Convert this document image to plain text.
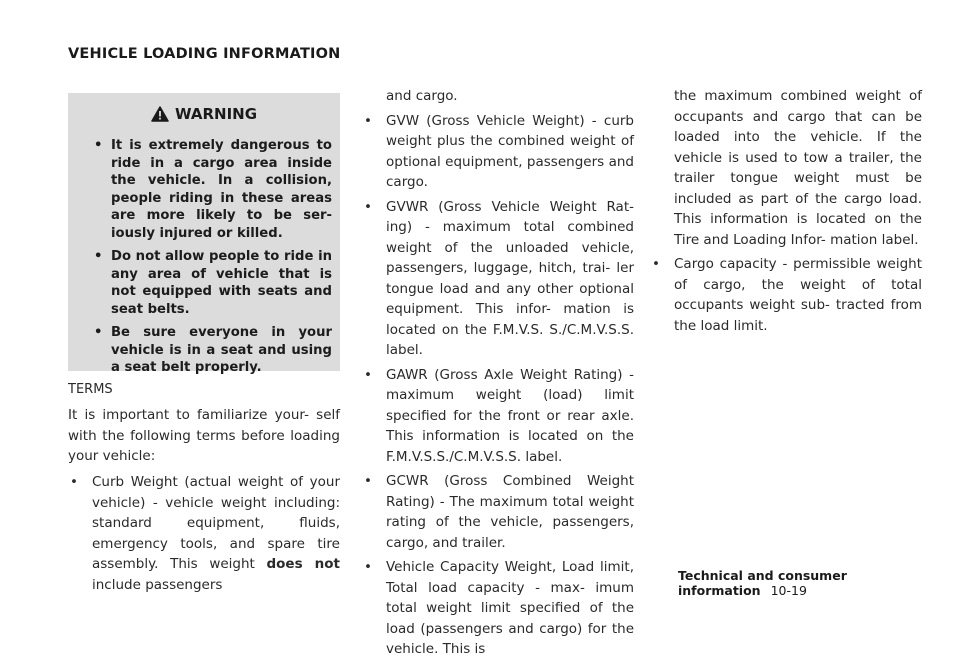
VEHICLE LOADING INFORMATION
WARNING
• It is extremely dangerous to ride in a cargo area inside the vehicle. In a collision, people riding in these areas are more likely to be ser- iously injured or killed.
• Do not allow people to ride in any area of vehicle that is not equipped with seats and seat belts.
• Be sure everyone in your vehicle is in a seat and using a seat belt properly.
TERMS
It is important to familiarize your- self with the following terms before loading your vehicle:
• Curb Weight (actual weight of your vehicle) - vehicle weight including: standard equipment, fluids, emergency tools, and spare tire assembly. This weight does not include passengers
and cargo.
• GVW (Gross Vehicle Weight) - curb weight plus the combined weight of optional equipment, passengers and cargo.
• GVWR (Gross Vehicle Weight Rat- ing) - maximum total combined weight of the unloaded vehicle, passengers, luggage, hitch, trai- ler tongue load and any other optional equipment. This infor- mation is located on the F.M.V.S. S./C.M.V.S.S. label.
• GAWR (Gross Axle Weight Rating) - maximum weight (load) limit specified for the front or rear axle. This information is located on the F.M.V.S.S./C.M.V.S.S. label.
• GCWR (Gross Combined Weight Rating) - The maximum total weight rating of the vehicle, passengers, cargo, and trailer.
• Vehicle Capacity Weight, Load limit, Total load capacity - max- imum total weight limit specified of the load (passengers and cargo) for the vehicle. This is
the maximum combined weight of occupants and cargo that can be loaded into the vehicle. If the vehicle is used to tow a trailer, the trailer tongue weight must be included as part of the cargo load. This information is located on the Tire and Loading Infor- mation label.
• Cargo capacity - permissible weight of cargo, the weight of total occupants weight sub- tracted from the load limit.
Technical and consumer information 10-19
